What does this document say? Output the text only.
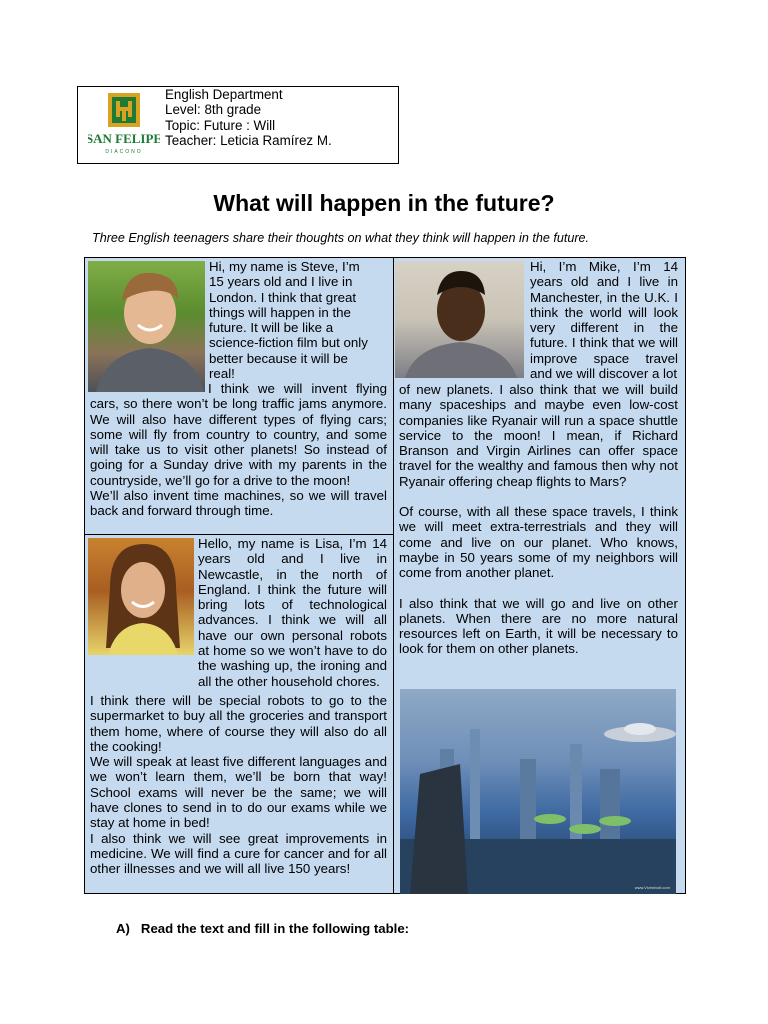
SAN FELIPE
DIACONO
English Department
Level: 8th grade
Topic: Future : Will
Teacher: Leticia Ramírez M.
What will happen in the future?
Three English teenagers share their thoughts on what they think will happen in the future.

Hi, my name is Steve, I’m 15 years old and I live in London. I think that great things will happen in the future. It will be like a science-fiction film but only better because it will be real!

I think we will invent flying cars, so there won’t be long traffic jams anymore. We will also have different types of flying cars; some will fly from country to country, and some will take us to visit other planets! So instead of going for a Sunday drive with my parents in the countryside, we’ll go for a drive to the moon!

We’ll also invent time machines, so we will travel back and forward through time.

Hello, my name is Lisa, I’m 14 years old and I live in Newcastle, in the north of England. I think the future will bring lots of technological advances. I think we will all have our own personal robots at home so we won’t have to do the washing up, the ironing and all the other household chores.

I think there will be special robots to go to the supermarket to buy all the groceries and transport them home, where of course they will also do all the cooking!

We will speak at least five different languages and we won’t learn them, we’ll be born that way! School exams will never be the same; we will have clones to send in to do our exams while we stay at home in bed!

I also think we will see great improvements in medicine. We will find a cure for cancer and for all other illnesses and we will all live 150 years!

Hi, I’m Mike, I’m 14 years old and I live in Manchester, in the U.K. I think the world will look very different in the future. I think that we will improve space travel and we will discover a lot

of new planets. I also think that we will build many spaceships and maybe even low-cost companies like Ryanair will run a space shuttle service to the moon! I mean, if Richard Branson and Virgin Airlines can offer space travel for the wealthy and famous then why not Ryanair offering cheap flights to Mars?

Of course, with all these space travels, I think we will meet extra-terrestrials and they will come and live on our planet. Who knows, maybe in 50 years some of my neighbors will come from another planet.

I also think that we will go and live on other planets. When there are no more natural resources left on Earth, it will be necessary to look for them on other planets.

www.Vivirnlvolt.com
A) Read the text and fill in the following table:
